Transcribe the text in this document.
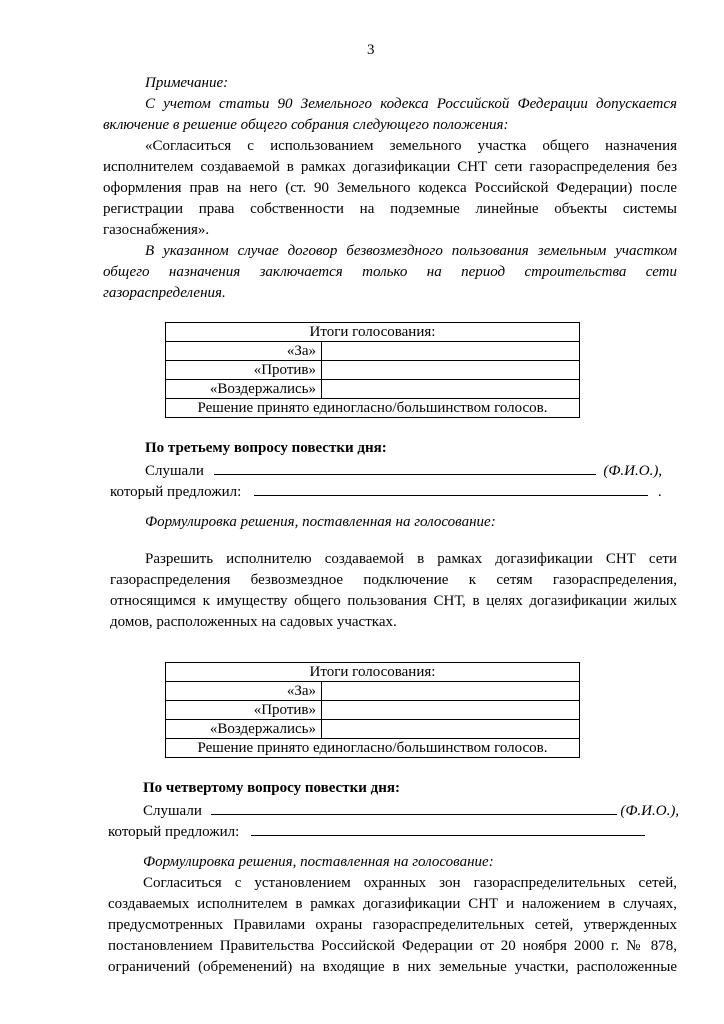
3
Примечание:
С учетом статьи 90 Земельного кодекса Российской Федерации допускается
включение в решение общего собрания следующего положения:
«Согласиться с использованием земельного участка общего назначения
исполнителем создаваемой в рамках догазификации СНТ сети газораспределения без
оформления прав на него (ст. 90 Земельного кодекса Российской Федерации) после
регистрации права собственности на подземные линейные объекты системы
газоснабжения».
В указанном случае договор безвозмездного пользования земельным участком
общего назначения заключается только на период строительства сети
газораспределения.
Итоги голосования:	
«За»	
«Против»	
«Воздержались»	
Решение принято единогласно/большинством голосов.	
По третьему вопросу повестки дня:
Слушали	(Ф.И.О.),
который предложил:	.
Формулировка решения, поставленная на голосование:
Разрешить исполнителю создаваемой в рамках догазификации СНТ сети
газораспределения безвозмездное подключение к сетям газораспределения,
относящимся к имуществу общего пользования СНТ, в целях догазификации жилых
домов, расположенных на садовых участках.
Итоги голосования:	
«За»	
«Против»	
«Воздержались»	
Решение принято единогласно/большинством голосов.	
По четвертому вопросу повестки дня:
Слушали	(Ф.И.О.),
который предложил:
Формулировка решения, поставленная на голосование:
Согласиться с установлением охранных зон газораспределительных сетей,
создаваемых исполнителем в рамках догазификации СНТ и наложением в случаях,
предусмотренных Правилами охраны газораспределительных сетей, утвержденных
постановлением Правительства Российской Федерации от 20 ноября 2000 г. № 878,
ограничений (обременений) на входящие в них земельные участки, расположенные
